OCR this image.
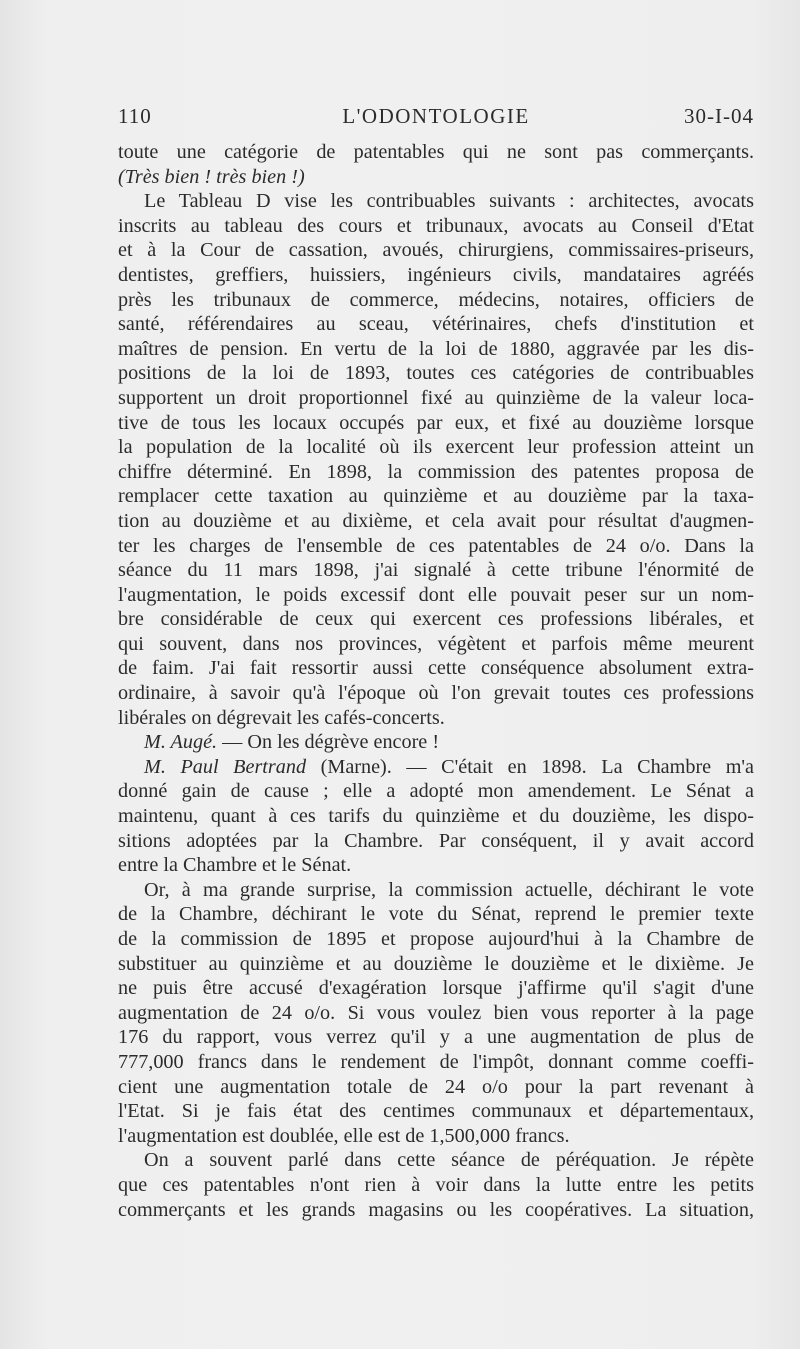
110	L'ODONTOLOGIE	30-I-04
toute une catégorie de patentables qui ne sont pas commerçants.
(Très bien ! très bien !)
Le Tableau D vise les contribuables suivants : architectes, avocats
inscrits au tableau des cours et tribunaux, avocats au Conseil d'Etat
et à la Cour de cassation, avoués, chirurgiens, commissaires-priseurs,
dentistes, greffiers, huissiers, ingénieurs civils, mandataires agréés
près les tribunaux de commerce, médecins, notaires, officiers de
santé, référendaires au sceau, vétérinaires, chefs d'institution et
maîtres de pension. En vertu de la loi de 1880, aggravée par les dis-
positions de la loi de 1893, toutes ces catégories de contribuables
supportent un droit proportionnel fixé au quinzième de la valeur loca-
tive de tous les locaux occupés par eux, et fixé au douzième lorsque
la population de la localité où ils exercent leur profession atteint un
chiffre déterminé. En 1898, la commission des patentes proposa de
remplacer cette taxation au quinzième et au douzième par la taxa-
tion au douzième et au dixième, et cela avait pour résultat d'augmen-
ter les charges de l'ensemble de ces patentables de 24 o/o. Dans la
séance du 11 mars 1898, j'ai signalé à cette tribune l'énormité de
l'augmentation, le poids excessif dont elle pouvait peser sur un nom-
bre considérable de ceux qui exercent ces professions libérales, et
qui souvent, dans nos provinces, végètent et parfois même meurent
de faim. J'ai fait ressortir aussi cette conséquence absolument extra-
ordinaire, à savoir qu'à l'époque où l'on grevait toutes ces professions
libérales on dégrevait les cafés-concerts.
M. Augé. — On les dégrève encore !
M. Paul Bertrand (Marne). — C'était en 1898. La Chambre m'a
donné gain de cause ; elle a adopté mon amendement. Le Sénat a
maintenu, quant à ces tarifs du quinzième et du douzième, les dispo-
sitions adoptées par la Chambre. Par conséquent, il y avait accord
entre la Chambre et le Sénat.
Or, à ma grande surprise, la commission actuelle, déchirant le vote
de la Chambre, déchirant le vote du Sénat, reprend le premier texte
de la commission de 1895 et propose aujourd'hui à la Chambre de
substituer au quinzième et au douzième le douzième et le dixième. Je
ne puis être accusé d'exagération lorsque j'affirme qu'il s'agit d'une
augmentation de 24 o/o. Si vous voulez bien vous reporter à la page
176 du rapport, vous verrez qu'il y a une augmentation de plus de
777,000 francs dans le rendement de l'impôt, donnant comme coeffi-
cient une augmentation totale de 24 o/o pour la part revenant à
l'Etat. Si je fais état des centimes communaux et départementaux,
l'augmentation est doublée, elle est de 1,500,000 francs.
On a souvent parlé dans cette séance de péréquation. Je répète
que ces patentables n'ont rien à voir dans la lutte entre les petits
commerçants et les grands magasins ou les coopératives. La situation,
